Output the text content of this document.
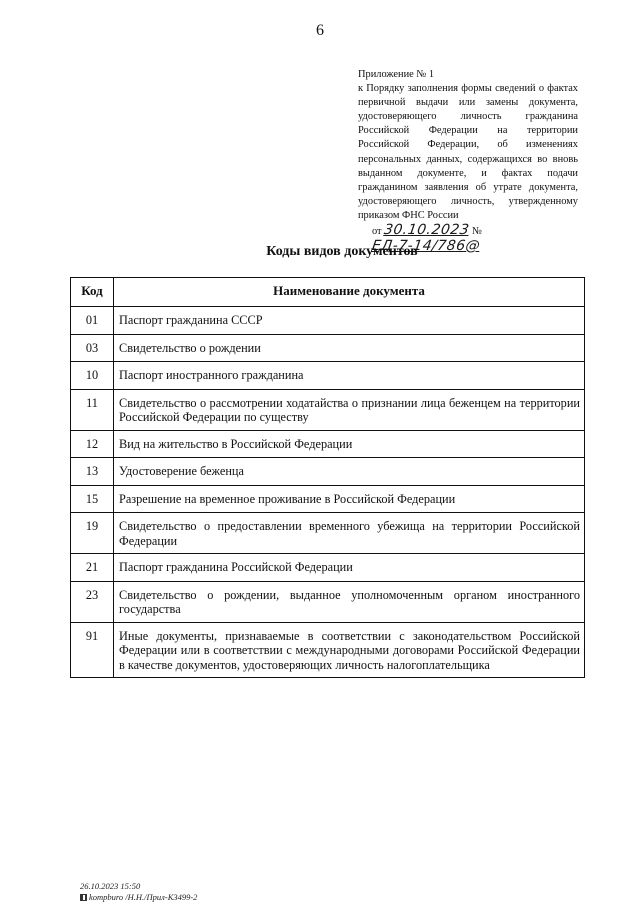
6
Приложение № 1
к Порядку заполнения формы сведений о фактах первичной выдачи или замены документа, удостоверяющего личность гражданина Российской Федерации на территории Российской Федерации, об изменениях персональных данных, содержащихся во вновь выданном документе, и фактах подачи гражданином заявления об утрате документа, удостоверяющего личность, утвержденному приказом ФНС России
от 30.10.2023 № ЕД-7-14/786@
Коды видов документов
Код	Наименование документа
01	Паспорт гражданина СССР
03	Свидетельство о рождении
10	Паспорт иностранного гражданина
11	Свидетельство о рассмотрении ходатайства о признании лица беженцем на территории Российской Федерации по существу
12	Вид на жительство в Российской Федерации
13	Удостоверение беженца
15	Разрешение на временное проживание в Российской Федерации
19	Свидетельство о предоставлении временного убежища на территории Российской Федерации
21	Паспорт гражданина Российской Федерации
23	Свидетельство о рождении, выданное уполномоченным органом иностранного государства
91	Иные документы, признаваемые в соответствии с законодательством Российской Федерации или в соответствии с международными договорами Российской Федерации в качестве документов, удостоверяющих личность налогоплательщика
26.10.2023 15:50
kompburo /Н.Н./Прил-К3499-2
